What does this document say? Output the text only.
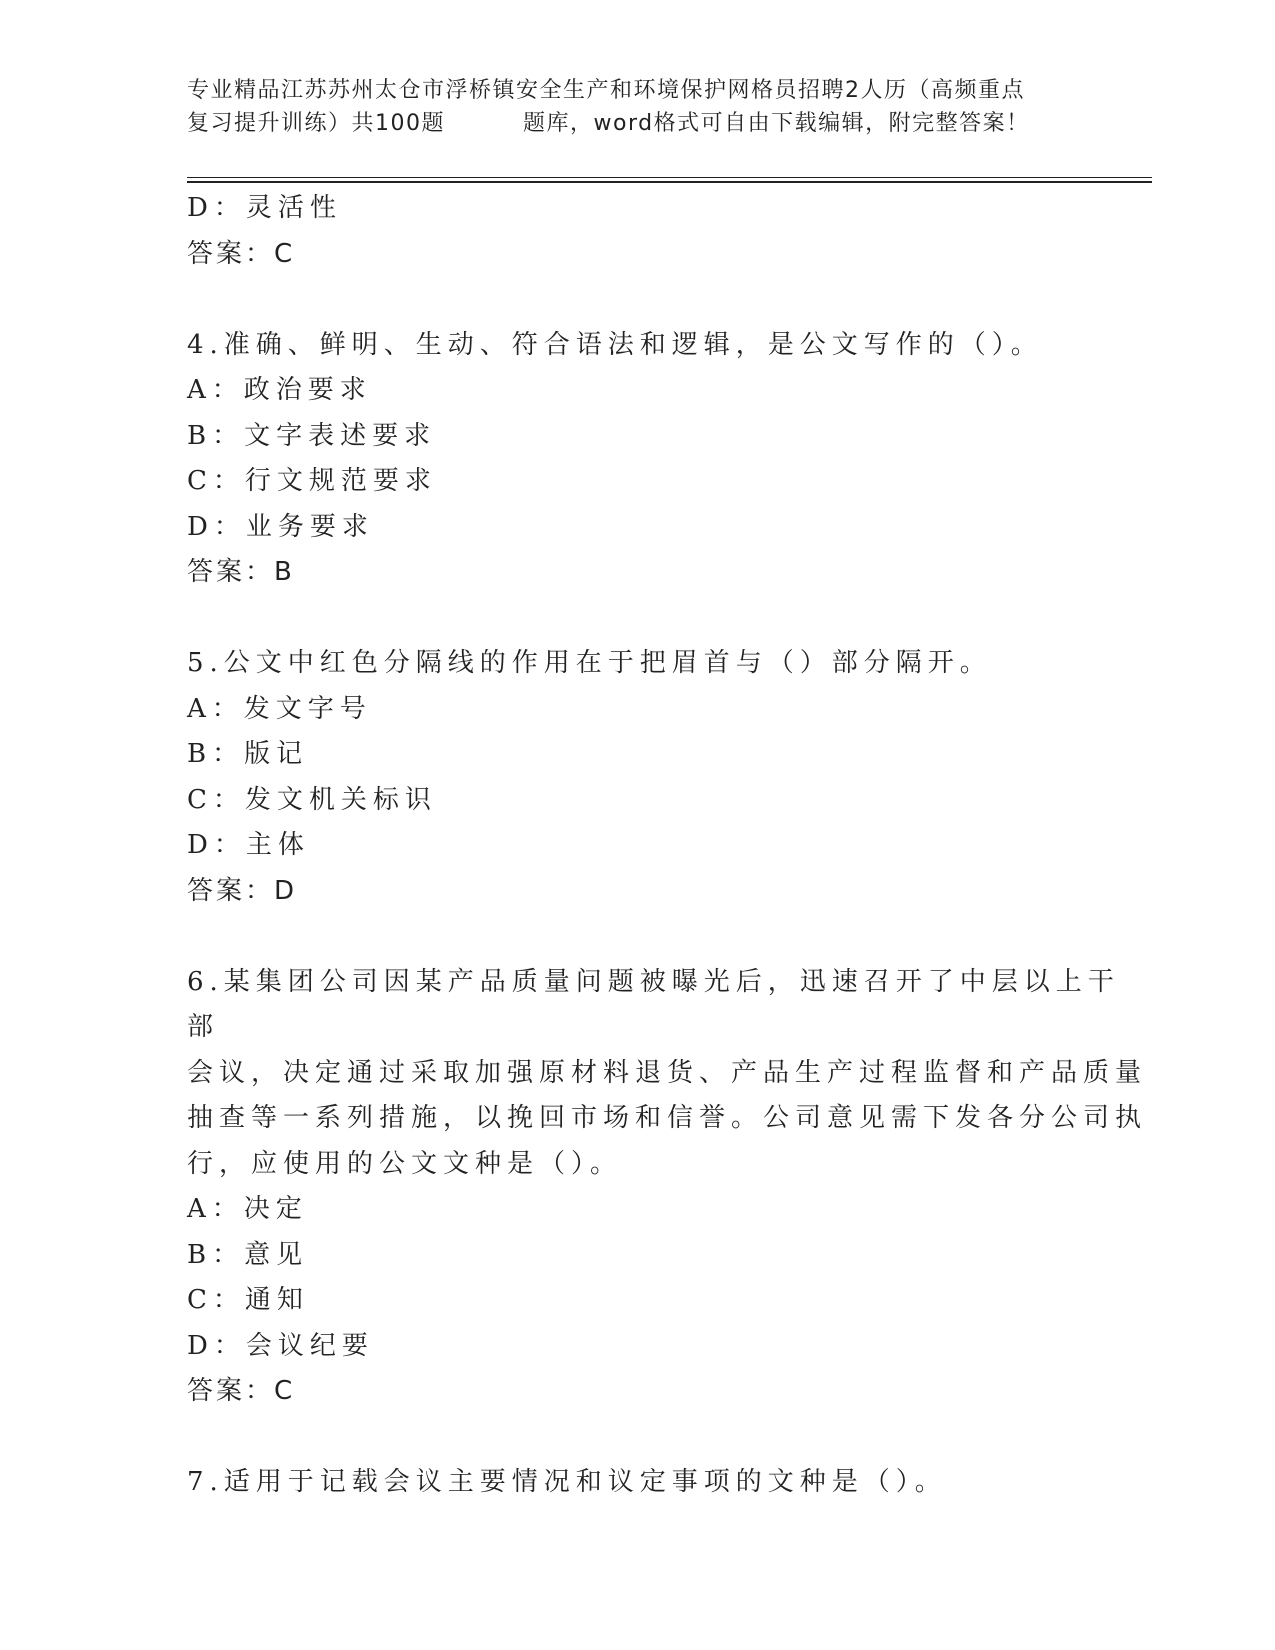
专业精品江苏苏州太仓市浮桥镇安全生产和环境保护网格员招聘2人历（高频重点
复习提升训练）共100题	题库，word格式可自由下载编辑，附完整答案！
D：灵活性
答案：C
4.准确、鲜明、生动、符合语法和逻辑，是公文写作的（）。
A：政治要求
B：文字表述要求
C：行文规范要求
D：业务要求
答案：B
5.公文中红色分隔线的作用在于把眉首与（）部分隔开。
A：发文字号
B：版记
C：发文机关标识
D：主体
答案：D
6.某集团公司因某产品质量问题被曝光后，迅速召开了中层以上干部
会议，决定通过采取加强原材料退货、产品生产过程监督和产品质量
抽查等一系列措施，以挽回市场和信誉。公司意见需下发各分公司执
行，应使用的公文文种是（）。
A：决定
B：意见
C：通知
D：会议纪要
答案：C
7.适用于记载会议主要情况和议定事项的文种是（）。
